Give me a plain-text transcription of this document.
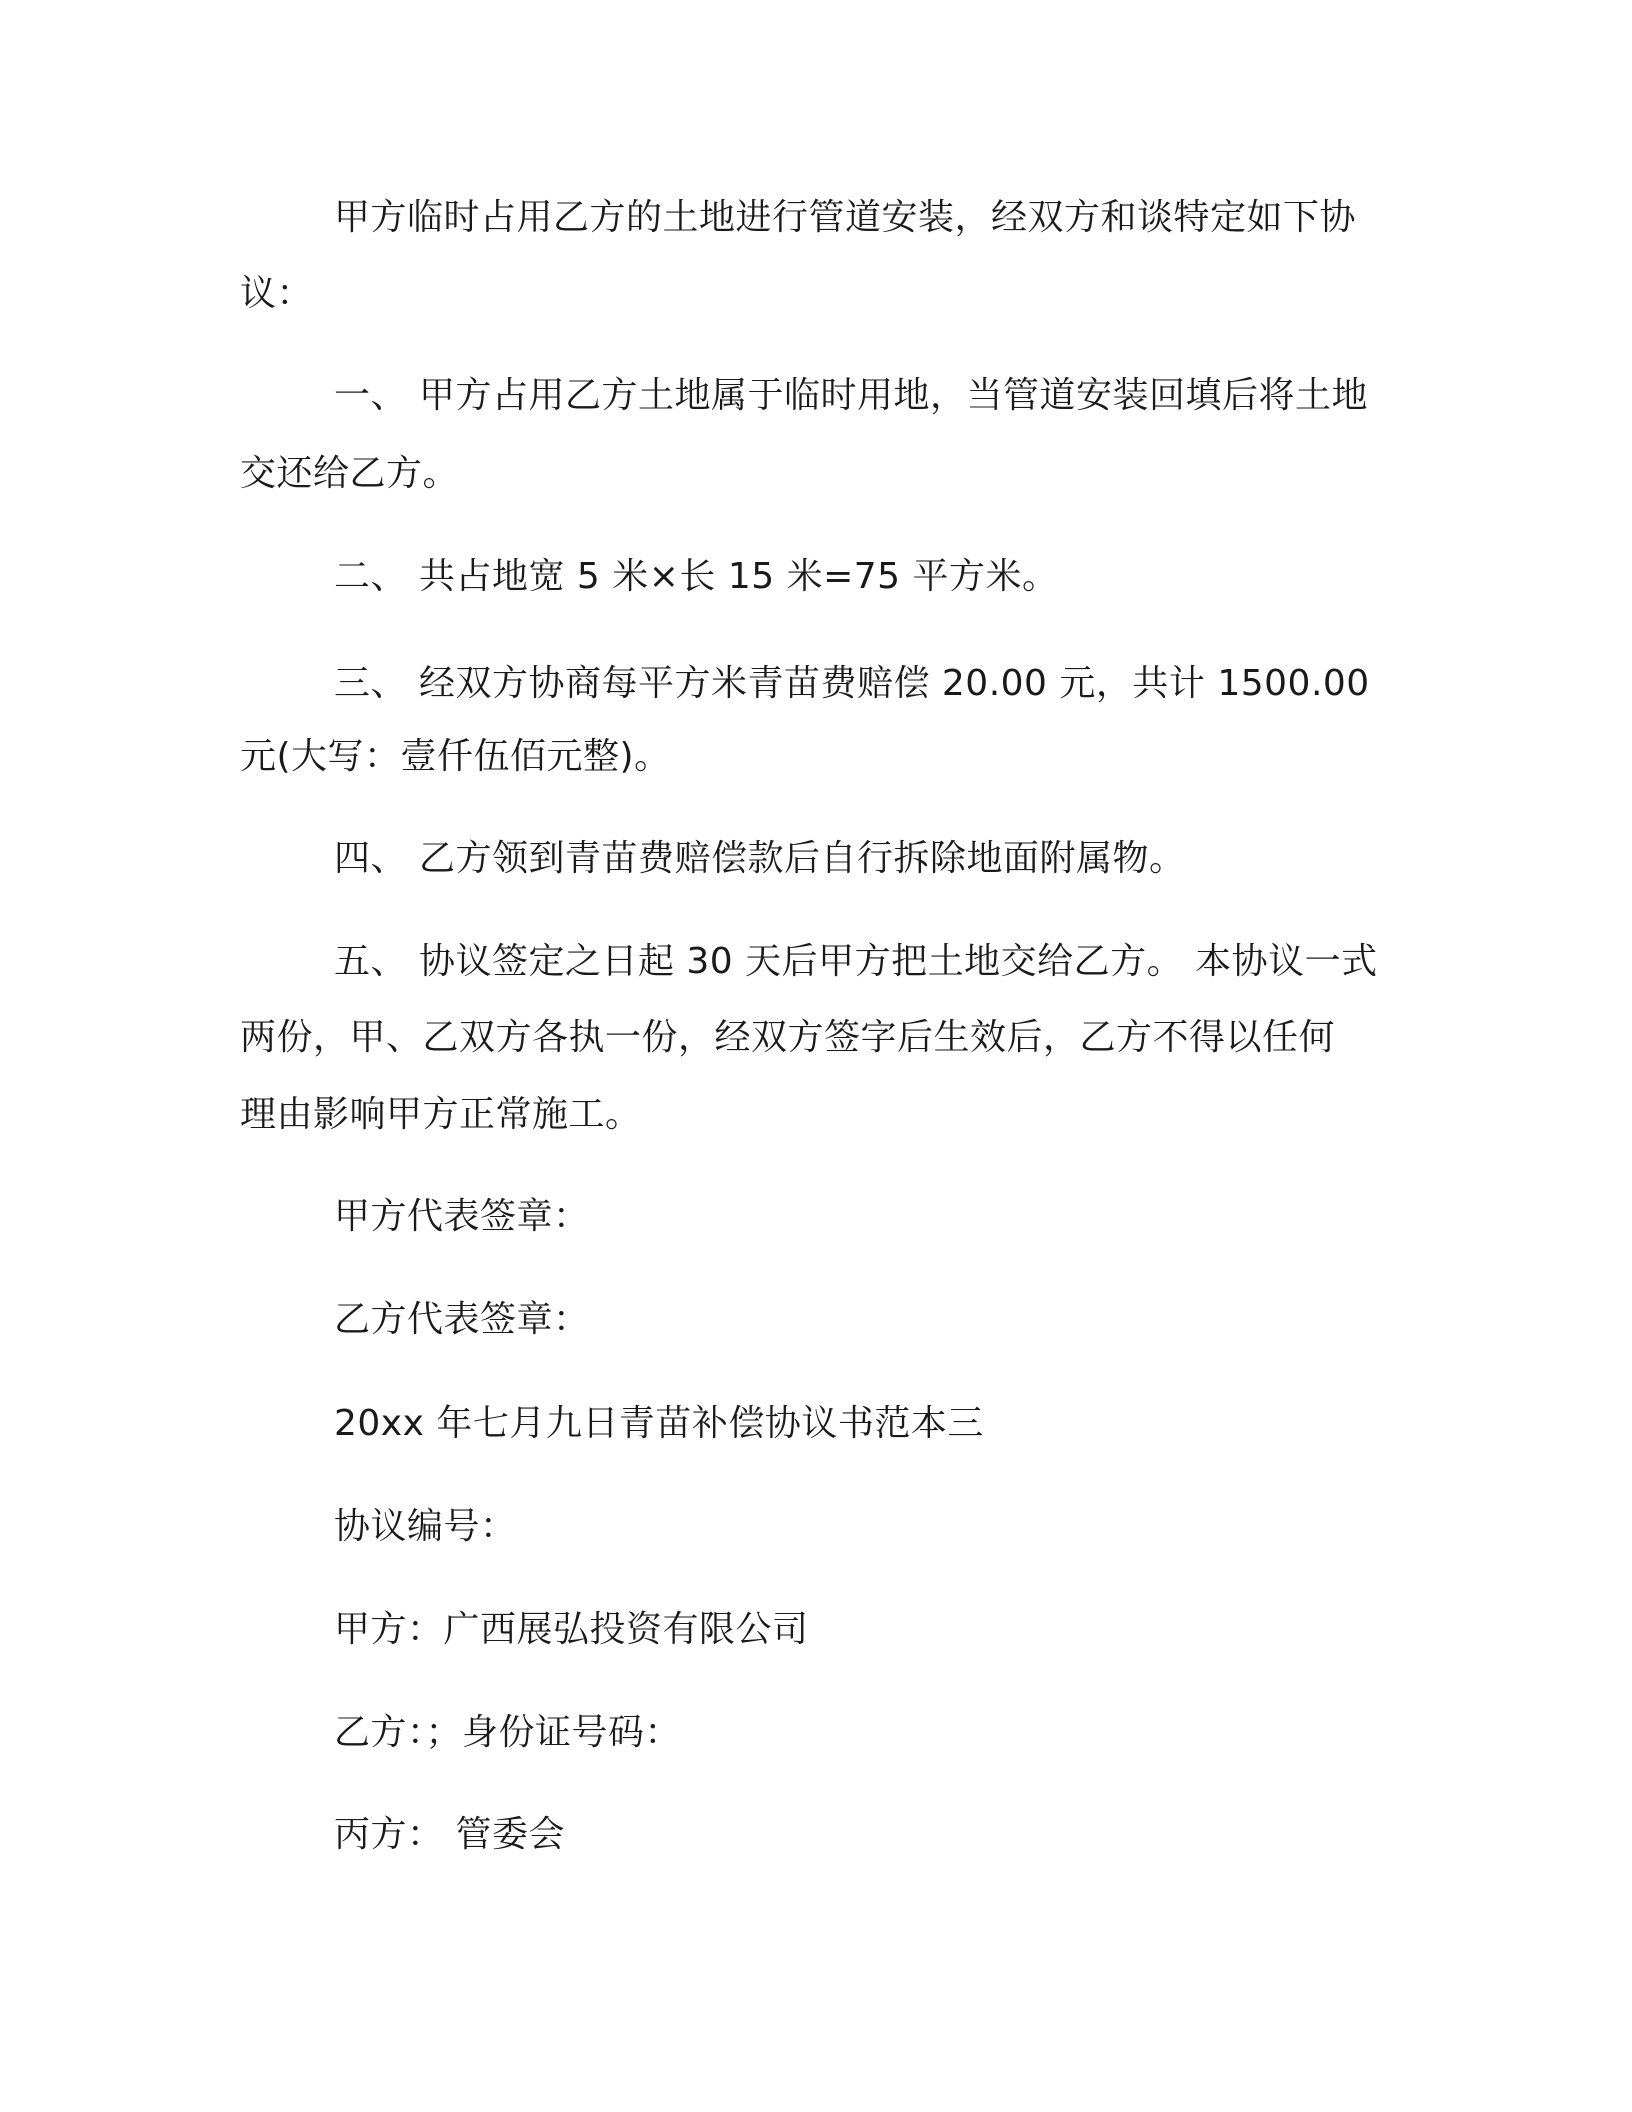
甲方临时占用乙方的土地进行管道安装，经双方和谈特定如下协
议：
一、 甲方占用乙方土地属于临时用地，当管道安装回填后将土地
交还给乙方。
二、 共占地宽 5 米×长 15 米=75 平方米。
三、 经双方协商每平方米青苗费赔偿 20.00 元，共计 1500.00
元(大写：壹仟伍佰元整)。
四、 乙方领到青苗费赔偿款后自行拆除地面附属物。
五、 协议签定之日起 30 天后甲方把土地交给乙方。 本协议一式
两份，甲、乙双方各执一份，经双方签字后生效后，乙方不得以任何
理由影响甲方正常施工。
甲方代表签章：
乙方代表签章：
20xx 年七月九日青苗补偿协议书范本三
协议编号：
甲方：广西展弘投资有限公司
乙方：；身份证号码：
丙方： 管委会
